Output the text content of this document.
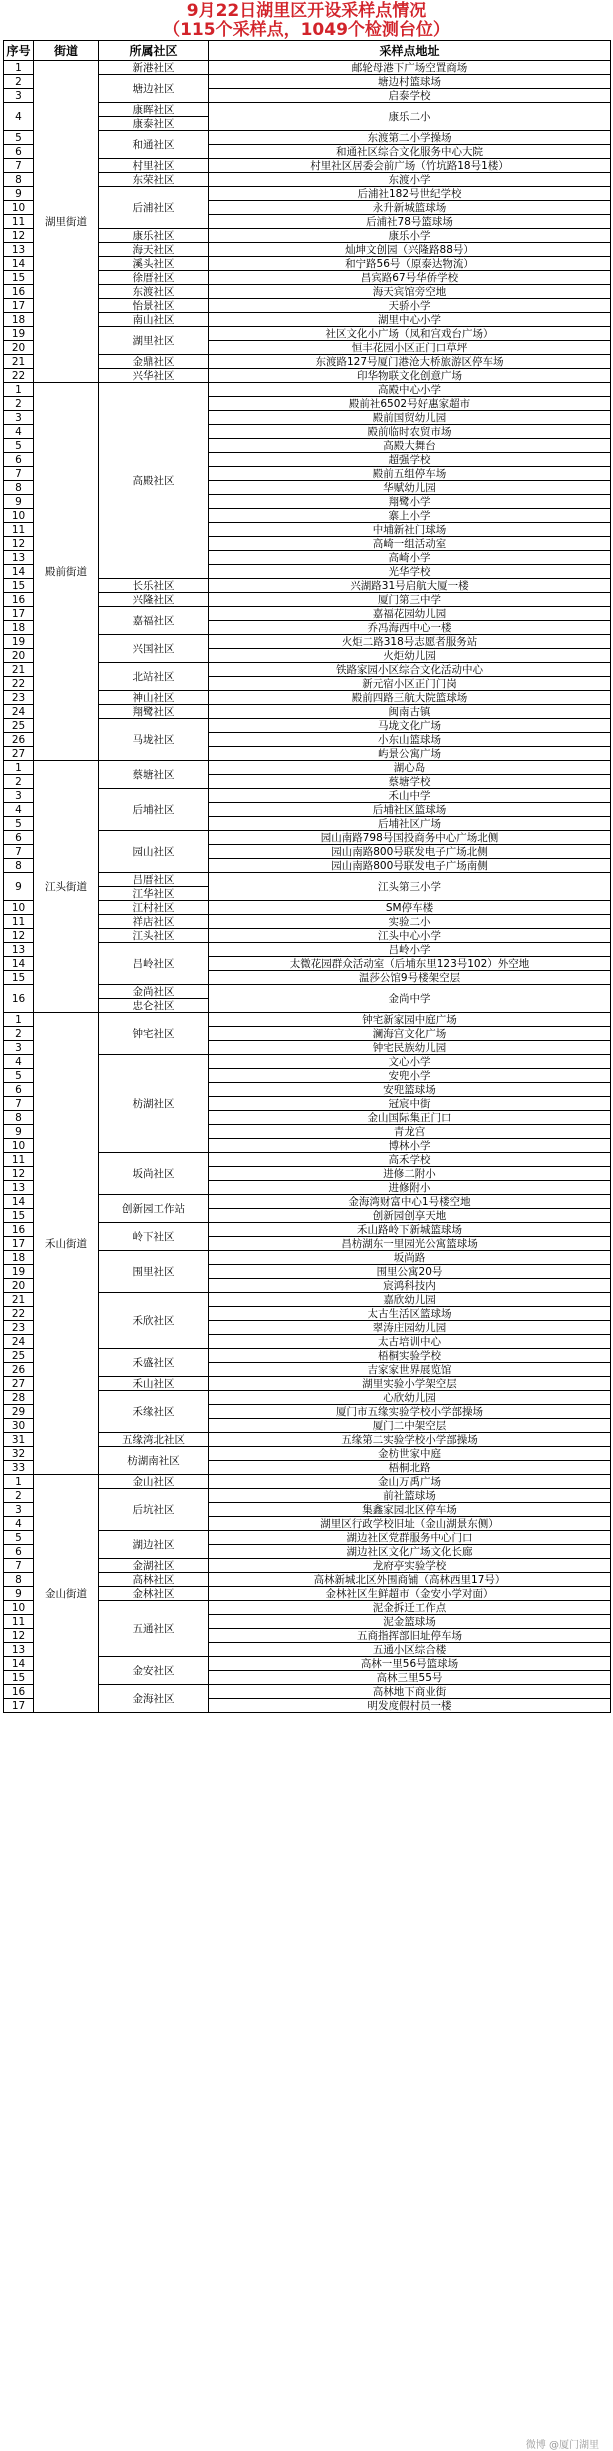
9月22日湖里区开设采样点情况
（115个采样点，1049个检测台位）
序号	街道	所属社区	采样点地址
1	湖里街道	新港社区	邮轮母港下广场空置商场
2		塘边社区	塘边村篮球场
3			启泰学校
4		康晖社区	康乐二小
		康泰社区	
5		和通社区	东渡第二小学操场
6			和通社区综合文化服务中心大院
7		村里社区	村里社区居委会前广场（竹坑路18号1楼）
8		东荣社区	东渡小学
9		后浦社区	后浦社182号世纪学校
10			永升新城篮球场
11			后浦社78号篮球场
12		康乐社区	康乐小学
13		海天社区	灿坤文创园（兴隆路88号）
14		溪头社区	和宁路56号（原泰达物流）
15		徐厝社区	昌宾路67号华侨学校
16		东渡社区	海天宾馆旁空地
17		怡景社区	天骄小学
18		南山社区	湖里中心小学
19		湖里社区	社区文化小广场（凤和宫戏台广场）
20			恒丰花园小区正门口草坪
21		金鼎社区	东渡路127号厦门港沧大桥旅游区停车场
22		兴华社区	印华物联文化创意广场
1	殿前街道	高殿社区	高殿中心小学
2			殿前社6502号好惠家超市
3			殿前国贸幼儿园
4			殿前临时农贸市场
5			高殿大舞台
6			超强学校
7			殿前五组停车场
8			华赋幼儿园
9			翔鹭小学
10			寨上小学
11			中埔新社门球场
12			高崎一组活动室
13			高崎小学
14			光华学校
15		长乐社区	兴湖路31号启航大厦一楼
16		兴隆社区	厦门第三中学
17		嘉福社区	嘉福花园幼儿园
18			乔冯海西中心一楼
19		兴国社区	火炬二路318号志愿者服务站
20			火炬幼儿园
21		北站社区	铁路家园小区综合文化活动中心
22			新元宿小区正门门岗
23		神山社区	殿前四路三航大院篮球场
24		翔鹭社区	闽南古镇
25		马垅社区	马垅文化广场
26			小东山篮球场
27			屿景公寓广场
1	江头街道	蔡塘社区	湖心岛
2			蔡塘学校
3		后埔社区	禾山中学
4			后埔社区篮球场
5			后埔社区广场
6		园山社区	园山南路798号国投商务中心广场北侧
7			园山南路800号联发电子广场北侧
8			园山南路800号联发电子广场南侧
9		吕厝社区	江头第三小学
		江华社区	
10		江村社区	SM停车楼
11		祥店社区	实验二小
12		江头社区	江头中心小学
13		吕岭社区	吕岭小学
14			太微花园群众活动室（后埔东里123号102）外空地
15			温莎公馆9号楼架空层
16		金尚社区	金尚中学
		忠仑社区	
1	禾山街道	钟宅社区	钟宅新家园中庭广场
2			澜海宫文化广场
3			钟宅民族幼儿园
4		枋湖社区	文心小学
5			安兜小学
6			安兜篮球场
7			冠宸中街
8			金山国际集正门口
9			青龙宫
10			博林小学
11		坂尚社区	高禾学校
12			进修二附小
13			进修附小
14		创新园工作站	金海湾财富中心1号楼空地
15			创新园创享天地
16		岭下社区	禾山路岭下新城篮球场
17			昌枋湖东一里园光公寓篮球场
18		围里社区	坂尚路
19			围里公寓20号
20			宸鸿科技内
21		禾欣社区	嘉欣幼儿园
22			太古生活区篮球场
23			翠涛庄园幼儿园
24			太古培训中心
25		禾盛社区	梧桐实验学校
26			吉家家世界展览馆
27		禾山社区	湖里实验小学架空层
28		禾缘社区	心欣幼儿园
29			厦门市五缘实验学校小学部操场
30			厦门二中架空层
31		五缘湾北社区	五缘第二实验学校小学部操场
32		枋湖南社区	金枋世家中庭
33			梧桐北路
1	金山街道	金山社区	金山万禹广场
2		后坑社区	前社篮球场
3			集鑫家园北区停车场
4			湖里区行政学校旧址（金山湖景东侧）
5		湖边社区	湖边社区党群服务中心门口
6			湖边社区文化广场文化长廊
7		金湖社区	龙府亭实验学校
8		高林社区	高林新城北区外围商铺（高林西里17号）
9		金林社区	金林社区生鲜超市（金安小学对面）
10		五通社区	泥金拆迁工作点
11			泥金篮球场
12			五商指挥部旧址停车场
13			五通小区综合楼
14		金安社区	高林一里56号篮球场
15			高林三里55号
16		金海社区	高林地下商业街
17			明发度假村员一楼
微博 @厦门湖里
